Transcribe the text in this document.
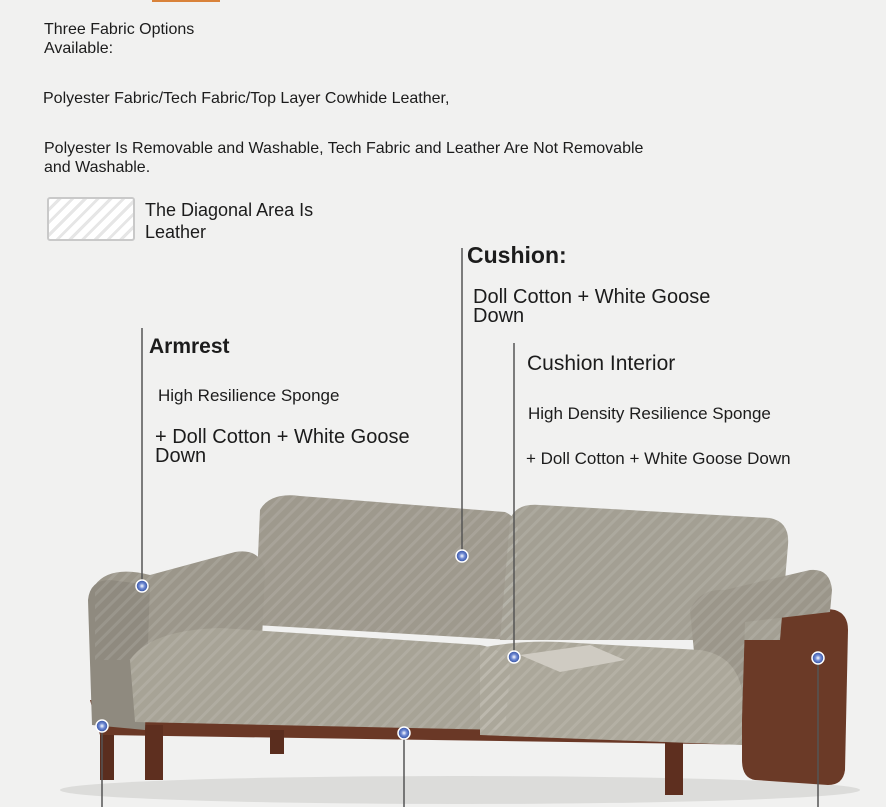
Three Fabric Options Available:

Polyester Fabric/Tech Fabric/Top Layer Cowhide Leather,

Polyester Is Removable and Washable, Tech Fabric and Leather Are Not Removable and Washable.

The Diagonal Area Is Leather

Armrest

High Resilience Sponge

+ Doll Cotton + White Goose Down

Cushion:

Doll Cotton + White Goose Down

Cushion Interior

High Density Resilience Sponge

+ Doll Cotton + White Goose Down
